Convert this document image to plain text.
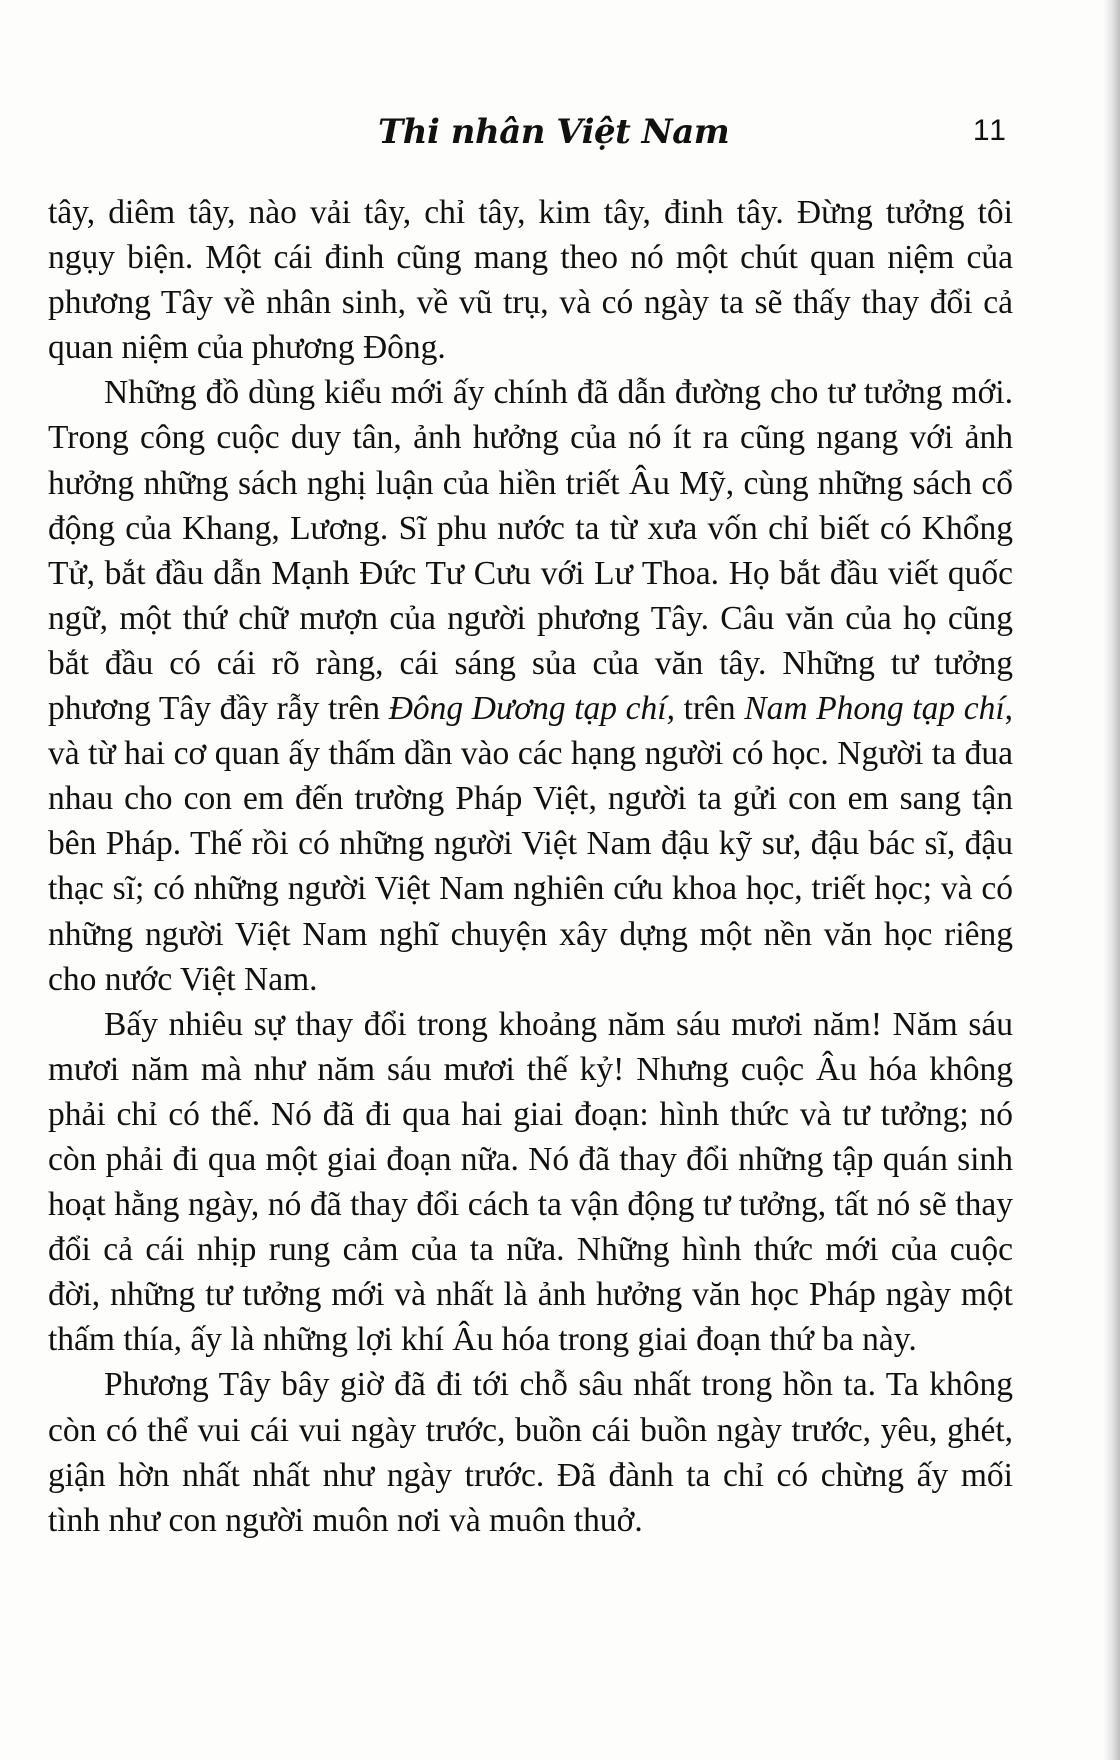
Thi nhân Việt Nam	11

tây, diêm tây, nào vải tây, chỉ tây, kim tây, đinh tây. Đừng tưởng tôi ngụy biện. Một cái đinh cũng mang theo nó một chút quan niệm của phương Tây về nhân sinh, về vũ trụ, và có ngày ta sẽ thấy thay đổi cả quan niệm của phương Đông.

Những đồ dùng kiểu mới ấy chính đã dẫn đường cho tư tưởng mới. Trong công cuộc duy tân, ảnh hưởng của nó ít ra cũng ngang với ảnh hưởng những sách nghị luận của hiền triết Âu Mỹ, cùng những sách cổ động của Khang, Lương. Sĩ phu nước ta từ xưa vốn chỉ biết có Khổng Tử, bắt đầu dẫn Mạnh Đức Tư Cưu với Lư Thoa. Họ bắt đầu viết quốc ngữ, một thứ chữ mượn của người phương Tây. Câu văn của họ cũng bắt đầu có cái rõ ràng, cái sáng sủa của văn tây. Những tư tưởng phương Tây đầy rẫy trên Đông Dương tạp chí, trên Nam Phong tạp chí, và từ hai cơ quan ấy thấm dần vào các hạng người có học. Người ta đua nhau cho con em đến trường Pháp Việt, người ta gửi con em sang tận bên Pháp. Thế rồi có những người Việt Nam đậu kỹ sư, đậu bác sĩ, đậu thạc sĩ; có những người Việt Nam nghiên cứu khoa học, triết học; và có những người Việt Nam nghĩ chuyện xây dựng một nền văn học riêng cho nước Việt Nam.

Bấy nhiêu sự thay đổi trong khoảng năm sáu mươi năm! Năm sáu mươi năm mà như năm sáu mươi thế kỷ! Nhưng cuộc Âu hóa không phải chỉ có thế. Nó đã đi qua hai giai đoạn: hình thức và tư tưởng; nó còn phải đi qua một giai đoạn nữa. Nó đã thay đổi những tập quán sinh hoạt hằng ngày, nó đã thay đổi cách ta vận động tư tưởng, tất nó sẽ thay đổi cả cái nhịp rung cảm của ta nữa. Những hình thức mới của cuộc đời, những tư tưởng mới và nhất là ảnh hưởng văn học Pháp ngày một thấm thía, ấy là những lợi khí Âu hóa trong giai đoạn thứ ba này.

Phương Tây bây giờ đã đi tới chỗ sâu nhất trong hồn ta. Ta không còn có thể vui cái vui ngày trước, buồn cái buồn ngày trước, yêu, ghét, giận hờn nhất nhất như ngày trước. Đã đành ta chỉ có chừng ấy mối tình như con người muôn nơi và muôn thuở.
